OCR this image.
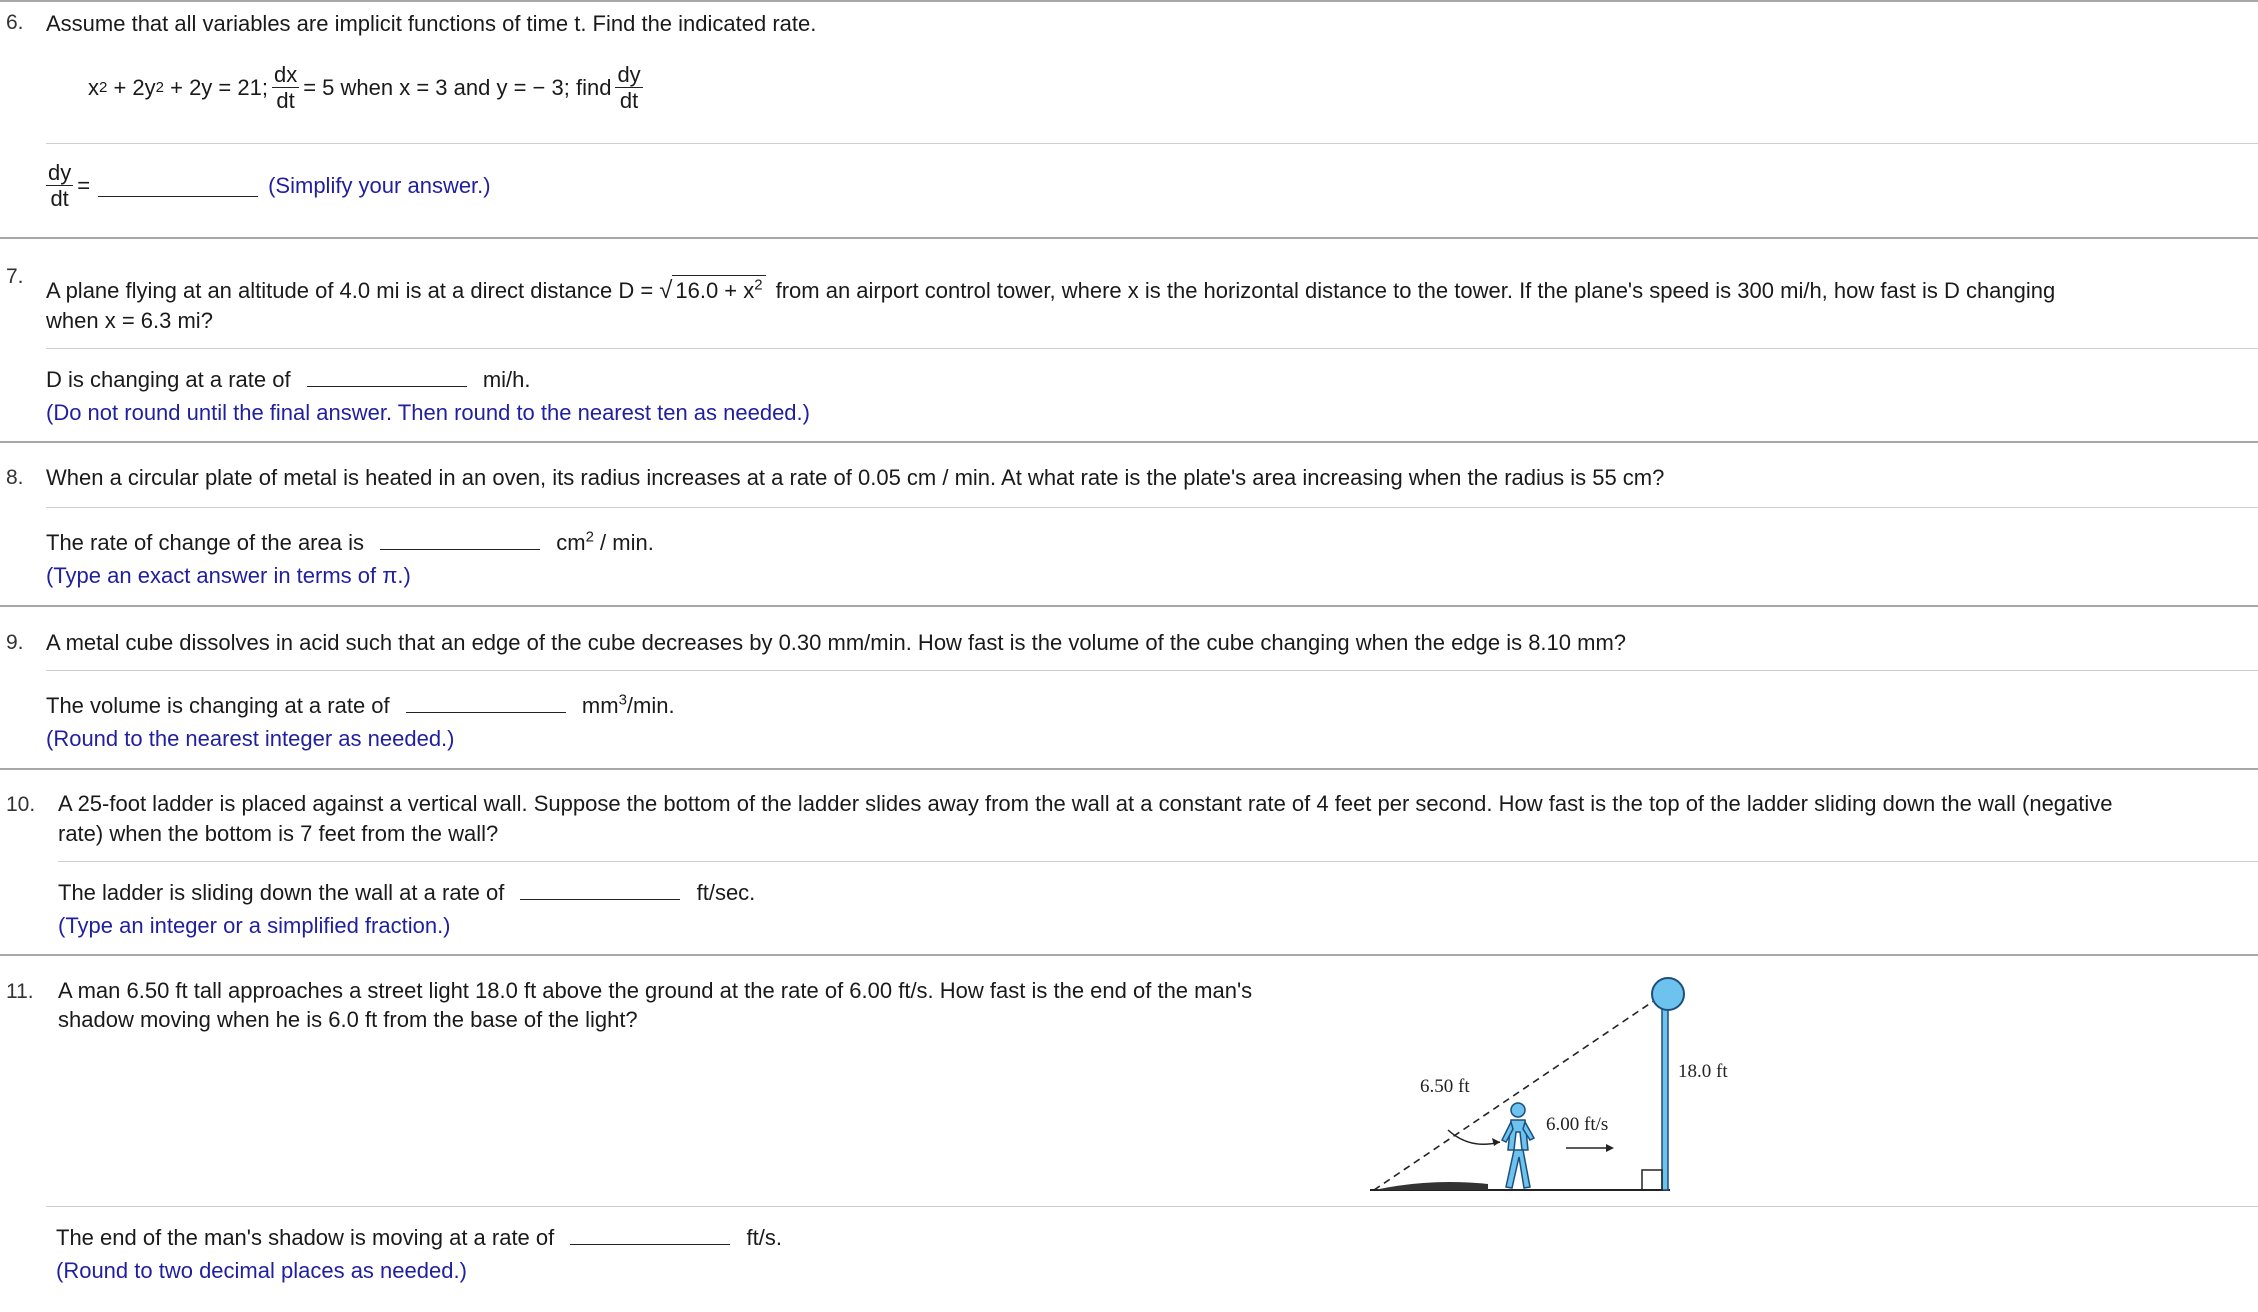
6. Assume that all variables are implicit functions of time t. Find the indicated rate.
x 2 + 2y 2 + 2y = 21; $\frac{dx}{dt} = 5$ when x = 3 and y = − 3; find $\frac{dy}{dt}$
$\frac{dy}{dt}$ =	(Simplify your answer.)
7.
A plane flying at an altitude of 4.0 mi is at a direct distance D = √ $16.0 + x^2$ from an airport control tower, where x is the horizontal distance to the tower. If the plane's speed is 300 mi/h, how fast is D changing
when x = 6.3 mi?
D is changing at a rate of	mi/h.
(Do not round until the final answer. Then round to the nearest ten as needed.)
8. When a circular plate of metal is heated in an oven, its radius increases at a rate of 0.05 cm / min. At what rate is the plate's area increasing when the radius is 55 cm?
The rate of change of the area is	$cm^2$ / min.
(Type an exact answer in terms of π.)
9. A metal cube dissolves in acid such that an edge of the cube decreases by 0.30 mm/min. How fast is the volume of the cube changing when the edge is 8.10 mm?
The volume is changing at a rate of	$mm^3/\min$.
(Round to the nearest integer as needed.)
10. A 25-foot ladder is placed against a vertical wall. Suppose the bottom of the ladder slides away from the wall at a constant rate of 4 feet per second. How fast is the top of the ladder sliding down the wall (negative
rate) when the bottom is 7 feet from the wall?
The ladder is sliding down the wall at a rate of	ft/sec.
(Type an integer or a simplified fraction.)
11. A man 6.50 ft tall approaches a street light 18.0 ft above the ground at the rate of 6.00 ft/s. How fast is the end of the man's
shadow moving when he is 6.0 ft from the base of the light?
6.50 ft
6.00 ft/s
18.0 ft
The end of the man's shadow is moving at a rate of	ft/s.
(Round to two decimal places as needed.)
